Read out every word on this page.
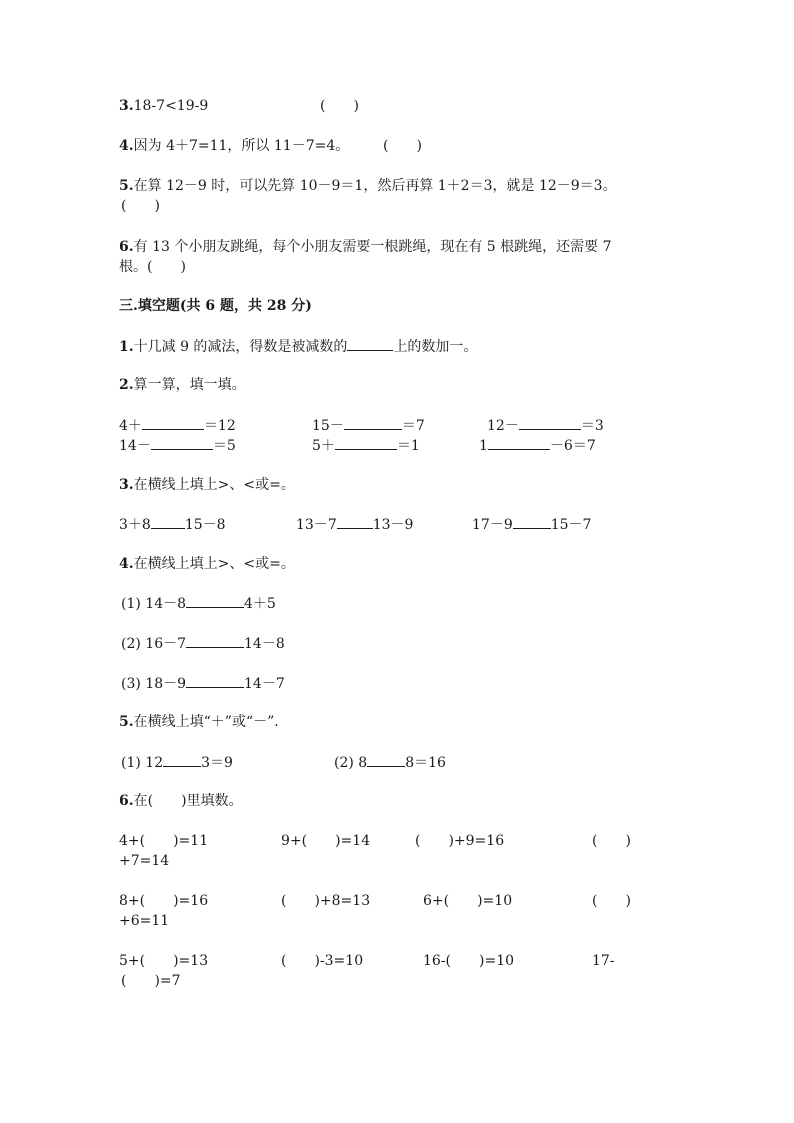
3.18-7<19-9	(　　)
4.因为 4＋7=11，所以 11－7=4。 (　　)
5.在算 12－9 时，可以先算 10－9＝1，然后再算 1＋2＝3，就是 12－9＝3。
(　　)
6.有 13 个小朋友跳绳，每个小朋友需要一根跳绳，现在有 5 根跳绳，还需要 7
根。(　　)
三.填空题(共 6 题，共 28 分)
1.十几减 9 的减法，得数是被减数的	上的数加一。
2.算一算，填一填。
4＋	＝12	15－	＝7	12－	＝3
14－	＝5	5＋	＝1	1	－6＝7
3.在横线上填上>、<或=。
3＋8 15－8	13－7	13－9	17－9	15－7
4.在横线上填上>、<或=。
(1) 14－8	4＋5
(2) 16－7	14－8
(3) 18－9	14－7
5.在横线上填“＋”或“－”.
(1) 12	3＝9	(2) 8	8＝16
6.在(　　)里填数。
4+(　　)=11	9+(　　)=14	(　　)+9=16	(　　)
+7=14
8+(　　)=16	(　　)+8=13	6+(　　)=10	(　　)
+6=11
5+(　　)=13	(　　)-3=10	16-(　　)=10	17-
(　　)=7
